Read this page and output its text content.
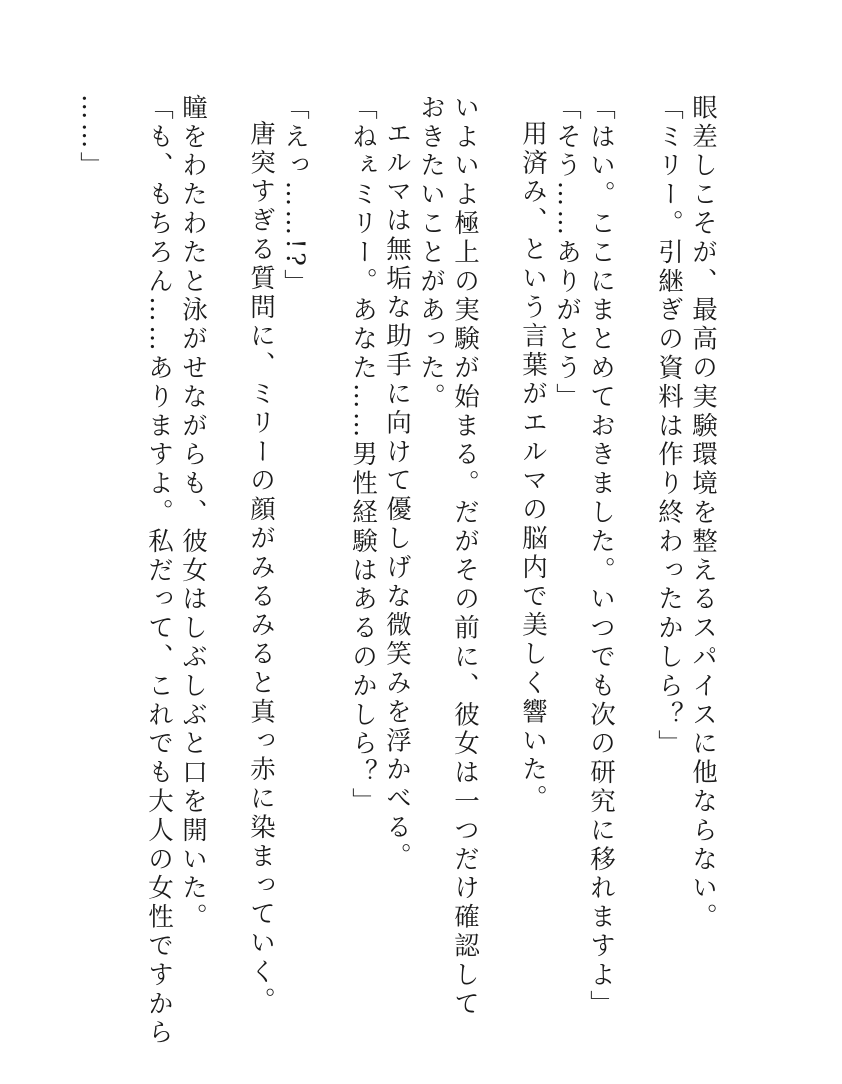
眼差しこそが、最高の実験環境を整えるスパイスに他ならない。
「ミリー。引継ぎの資料は作り終わったかしら？」
「はい。ここにまとめておきました。いつでも次の研究に移れますよ」
「そう……ありがとう」
用済み、という言葉がエルマの脳内で美しく響いた。
いよいよ極上の実験が始まる。だがその前に、彼女は一つだけ確認して
おきたいことがあった。
エルマは無垢な助手に向けて優しげな微笑みを浮かべる。
「ねぇミリー。あなた……男性経験はあるのかしら？」
「えっ……!?」
唐突すぎる質問に、ミリーの顔がみるみると真っ赤に染まっていく。
瞳をわたわたと泳がせながらも、彼女はしぶしぶと口を開いた。
「も、もちろん……ありますよ。私だって、これでも大人の女性ですから
……」
